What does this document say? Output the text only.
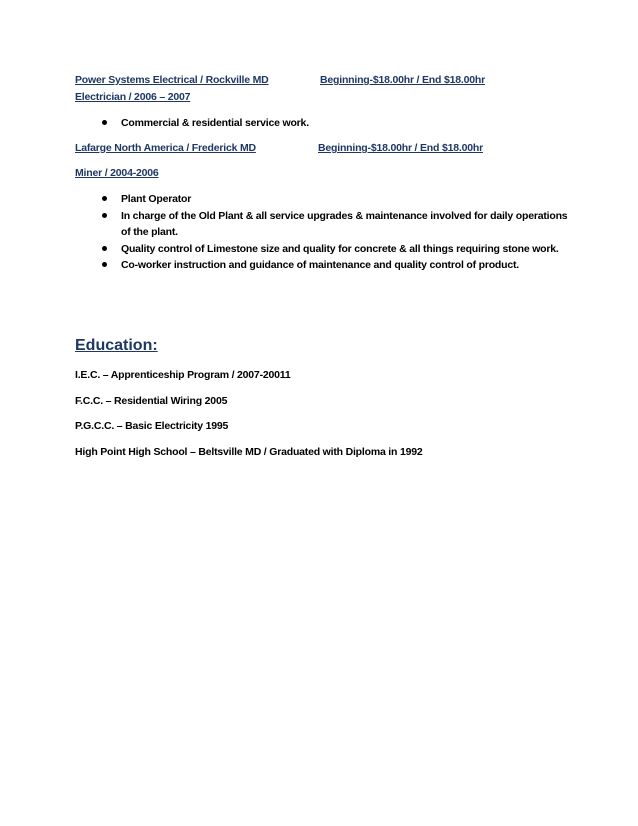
Power Systems Electrical / Rockville MD	Beginning-$18.00hr / End $18.00hr
Electrician / 2006 – 2007
Commercial & residential service work.
Lafarge North America / Frederick MD	Beginning-$18.00hr / End $18.00hr
Miner / 2004-2006
Plant Operator
In charge of the Old Plant & all service upgrades & maintenance involved for daily operations of the plant.
Quality control of Limestone size and quality for concrete & all things requiring stone work.
Co-worker instruction and guidance of maintenance and quality control of product.
Education:
I.E.C. – Apprenticeship Program / 2007-20011
F.C.C. – Residential Wiring 2005
P.G.C.C. – Basic Electricity 1995
High Point High School – Beltsville MD / Graduated with Diploma in 1992
